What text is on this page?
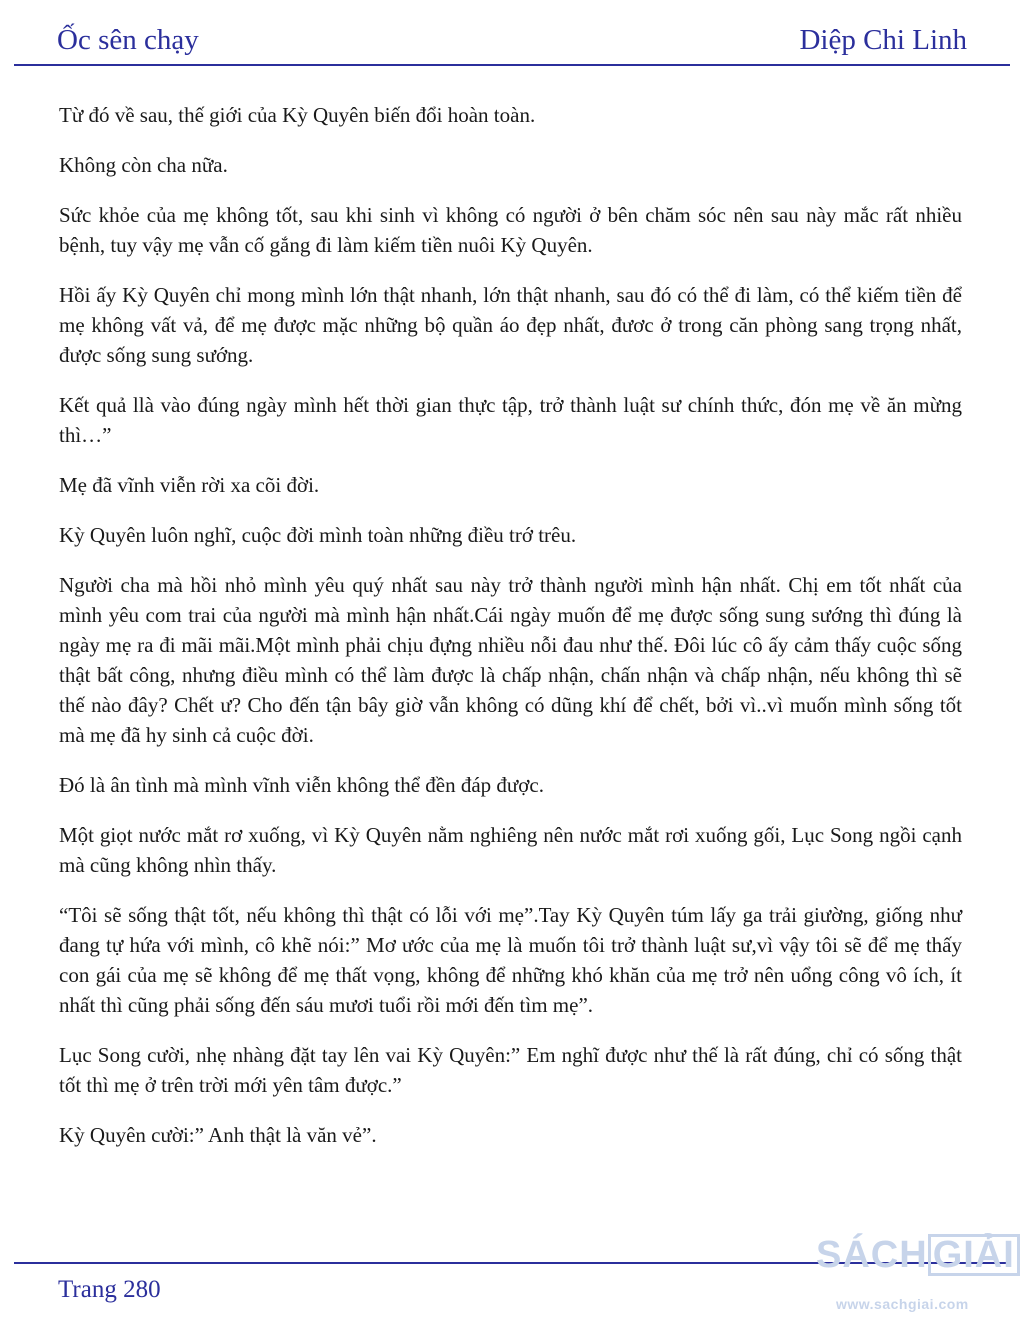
Ốc sên chạy	Diệp Chi Linh

Từ đó về sau, thế giới của Kỳ Quyên biến đổi hoàn toàn.

Không còn cha nữa.

Sức khỏe của mẹ không tốt, sau khi sinh vì không có người ở bên chăm sóc nên sau này mắc rất nhiều bệnh, tuy vậy mẹ vẫn cố gắng đi làm kiếm tiền nuôi Kỳ Quyên.

Hồi ấy Kỳ Quyên chỉ mong mình lớn thật nhanh, lớn thật nhanh, sau đó có thể đi làm, có thể kiếm tiền để mẹ không vất vả, để mẹ được mặc những bộ quần áo đẹp nhất, đươc ở trong căn phòng sang trọng nhất, được sống sung sướng.

Kết quả llà vào đúng ngày mình hết thời gian thực tập, trở thành luật sư chính thức, đón mẹ về ăn mừng thì…”

Mẹ đã vĩnh viễn rời xa cõi đời.

Kỳ Quyên luôn nghĩ, cuộc đời mình toàn những điều trớ trêu.

Người cha mà hồi nhỏ mình yêu quý nhất sau này trở thành người mình hận nhất. Chị em tốt nhất của mình yêu com trai của người mà mình hận nhất.Cái ngày muốn để mẹ được sống sung sướng thì đúng là ngày mẹ ra đi mãi mãi.Một mình phải chịu đựng nhiều nỗi đau như thế. Đôi lúc cô ấy cảm thấy cuộc sống thật bất công, nhưng điều mình có thể làm được là chấp nhận, chấn nhận và chấp nhận, nếu không thì sẽ thế nào đây? Chết ư? Cho đến tận bây giờ vẫn không có dũng khí để chết, bởi vì..vì muốn mình sống tốt mà mẹ đã hy sinh cả cuộc đời.

Đó là ân tình mà mình vĩnh viễn không thể đền đáp được.

Một giọt nước mắt rơ xuống, vì Kỳ Quyên nằm nghiêng nên nước mắt rơi xuống gối, Lục Song ngồi cạnh mà cũng không nhìn thấy.

“Tôi sẽ sống thật tốt, nếu không thì thật có lỗi với mẹ”.Tay Kỳ Quyên túm lấy ga trải giường, giống như đang tự hứa với mình, cô khẽ nói:” Mơ ước của mẹ là muốn tôi trở thành luật sư,vì vậy tôi sẽ để mẹ thấy con gái của mẹ sẽ không để mẹ thất vọng, không để những khó khăn của mẹ trở nên uổng công vô ích, ít nhất thì cũng phải sống đến sáu mươi tuổi rồi mới đến tìm mẹ”.

Lục Song cười, nhẹ nhàng đặt tay lên vai Kỳ Quyên:” Em nghĩ được như thế là rất đúng, chỉ có sống thật tốt thì mẹ ở trên trời mới yên tâm được.”

Kỳ Quyên cười:” Anh thật là văn vẻ”.

Trang 280
SÁCH GIẢI
www.sachgiai.com
